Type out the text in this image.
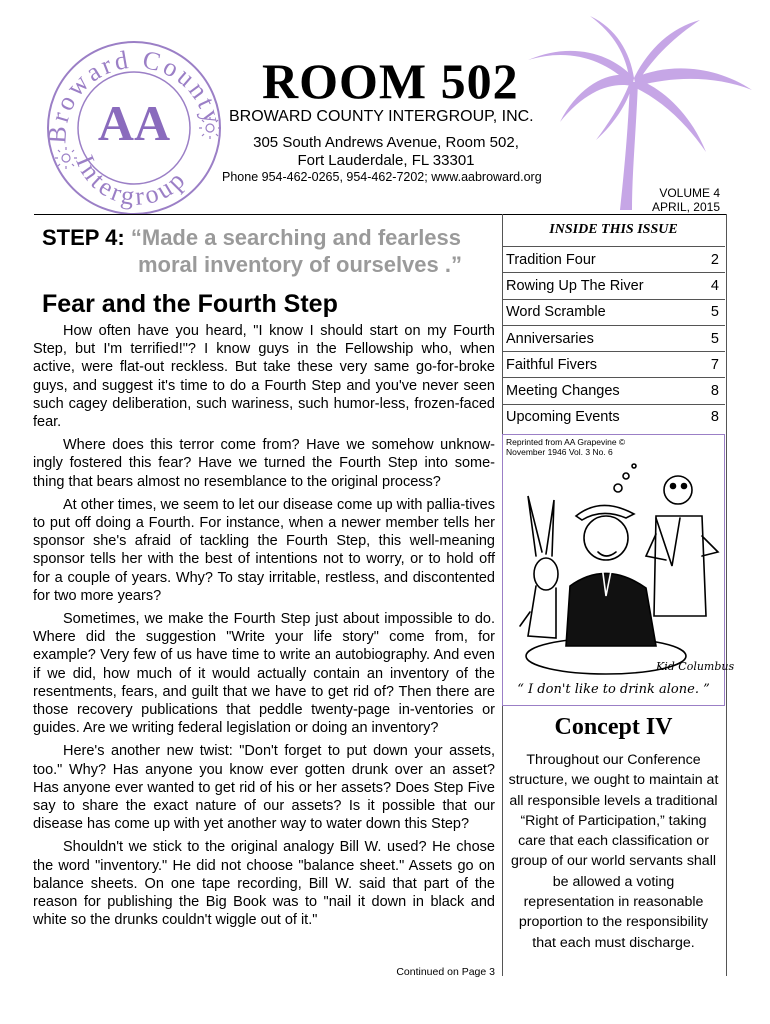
Broward County
Intergroup
AA
ROOM 502
BROWARD COUNTY INTERGROUP, INC.
305 South Andrews Avenue, Room 502,
Fort Lauderdale, FL 33301
Phone 954-462-0265, 954-462-7202; www.aabroward.org
VOLUME 4
APRIL, 2015
STEP 4: “Made a searching and fearless
moral inventory of ourselves .”
Fear and the Fourth Step

How often have you heard, "I know I should start on my Fourth Step, but I'm terrified!"? I know guys in the Fellowship who, when active, were flat-out reckless. But take these very same go-for-broke guys, and suggest it's time to do a Fourth Step and you've never seen such cagey deliberation, such wariness, such humor-less, frozen-faced fear.

Where does this terror come from? Have we somehow unknow-ingly fostered this fear? Have we turned the Fourth Step into some-thing that bears almost no resemblance to the original process?

At other times, we seem to let our disease come up with pallia-tives to put off doing a Fourth. For instance, when a newer member tells her sponsor she's afraid of tackling the Fourth Step, this well-meaning sponsor tells her with the best of intentions not to worry, or to hold off for a couple of years. Why? To stay irritable, restless, and discontented for two more years?

Sometimes, we make the Fourth Step just about impossible to do. Where did the suggestion "Write your life story" come from, for example? Very few of us have time to write an autobiography. And even if we did, how much of it would actually contain an inventory of the resentments, fears, and guilt that we have to get rid of? Then there are those recovery publications that peddle twenty-page in-ventories or guides. Are we writing federal legislation or doing an inventory?

Here's another new twist: "Don't forget to put down your assets, too." Why? Has anyone you know ever gotten drunk over an asset? Has anyone ever wanted to get rid of his or her assets? Does Step Five say to share the exact nature of our assets? Is it possible that our disease has come up with yet another way to water down this Step?

Shouldn't we stick to the original analogy Bill W. used? He chose the word "inventory." He did not choose "balance sheet." Assets go on balance sheets. On one tape recording, Bill W. said that part of the reason for publishing the Big Book was to "nail it down in black and white so the drunks couldn't wiggle out of it."

Continued on Page 3
INSIDE THIS ISSUE
Tradition Four	2
Rowing Up The River	4
Word Scramble	5
Anniversaries	5
Faithful Fivers	7
Meeting Changes	8
Upcoming Events	8
Reprinted from AA Grapevine ©
November 1946 Vol. 3 No. 6
Kid Columbus
“ I don't like to drink alone. ”
Concept IV
Throughout our Conference structure, we ought to maintain at all responsible levels a traditional “Right of Participation,” taking care that each classification or group of our world servants shall be allowed a voting representation in reasonable proportion to the responsibility that each must discharge.
